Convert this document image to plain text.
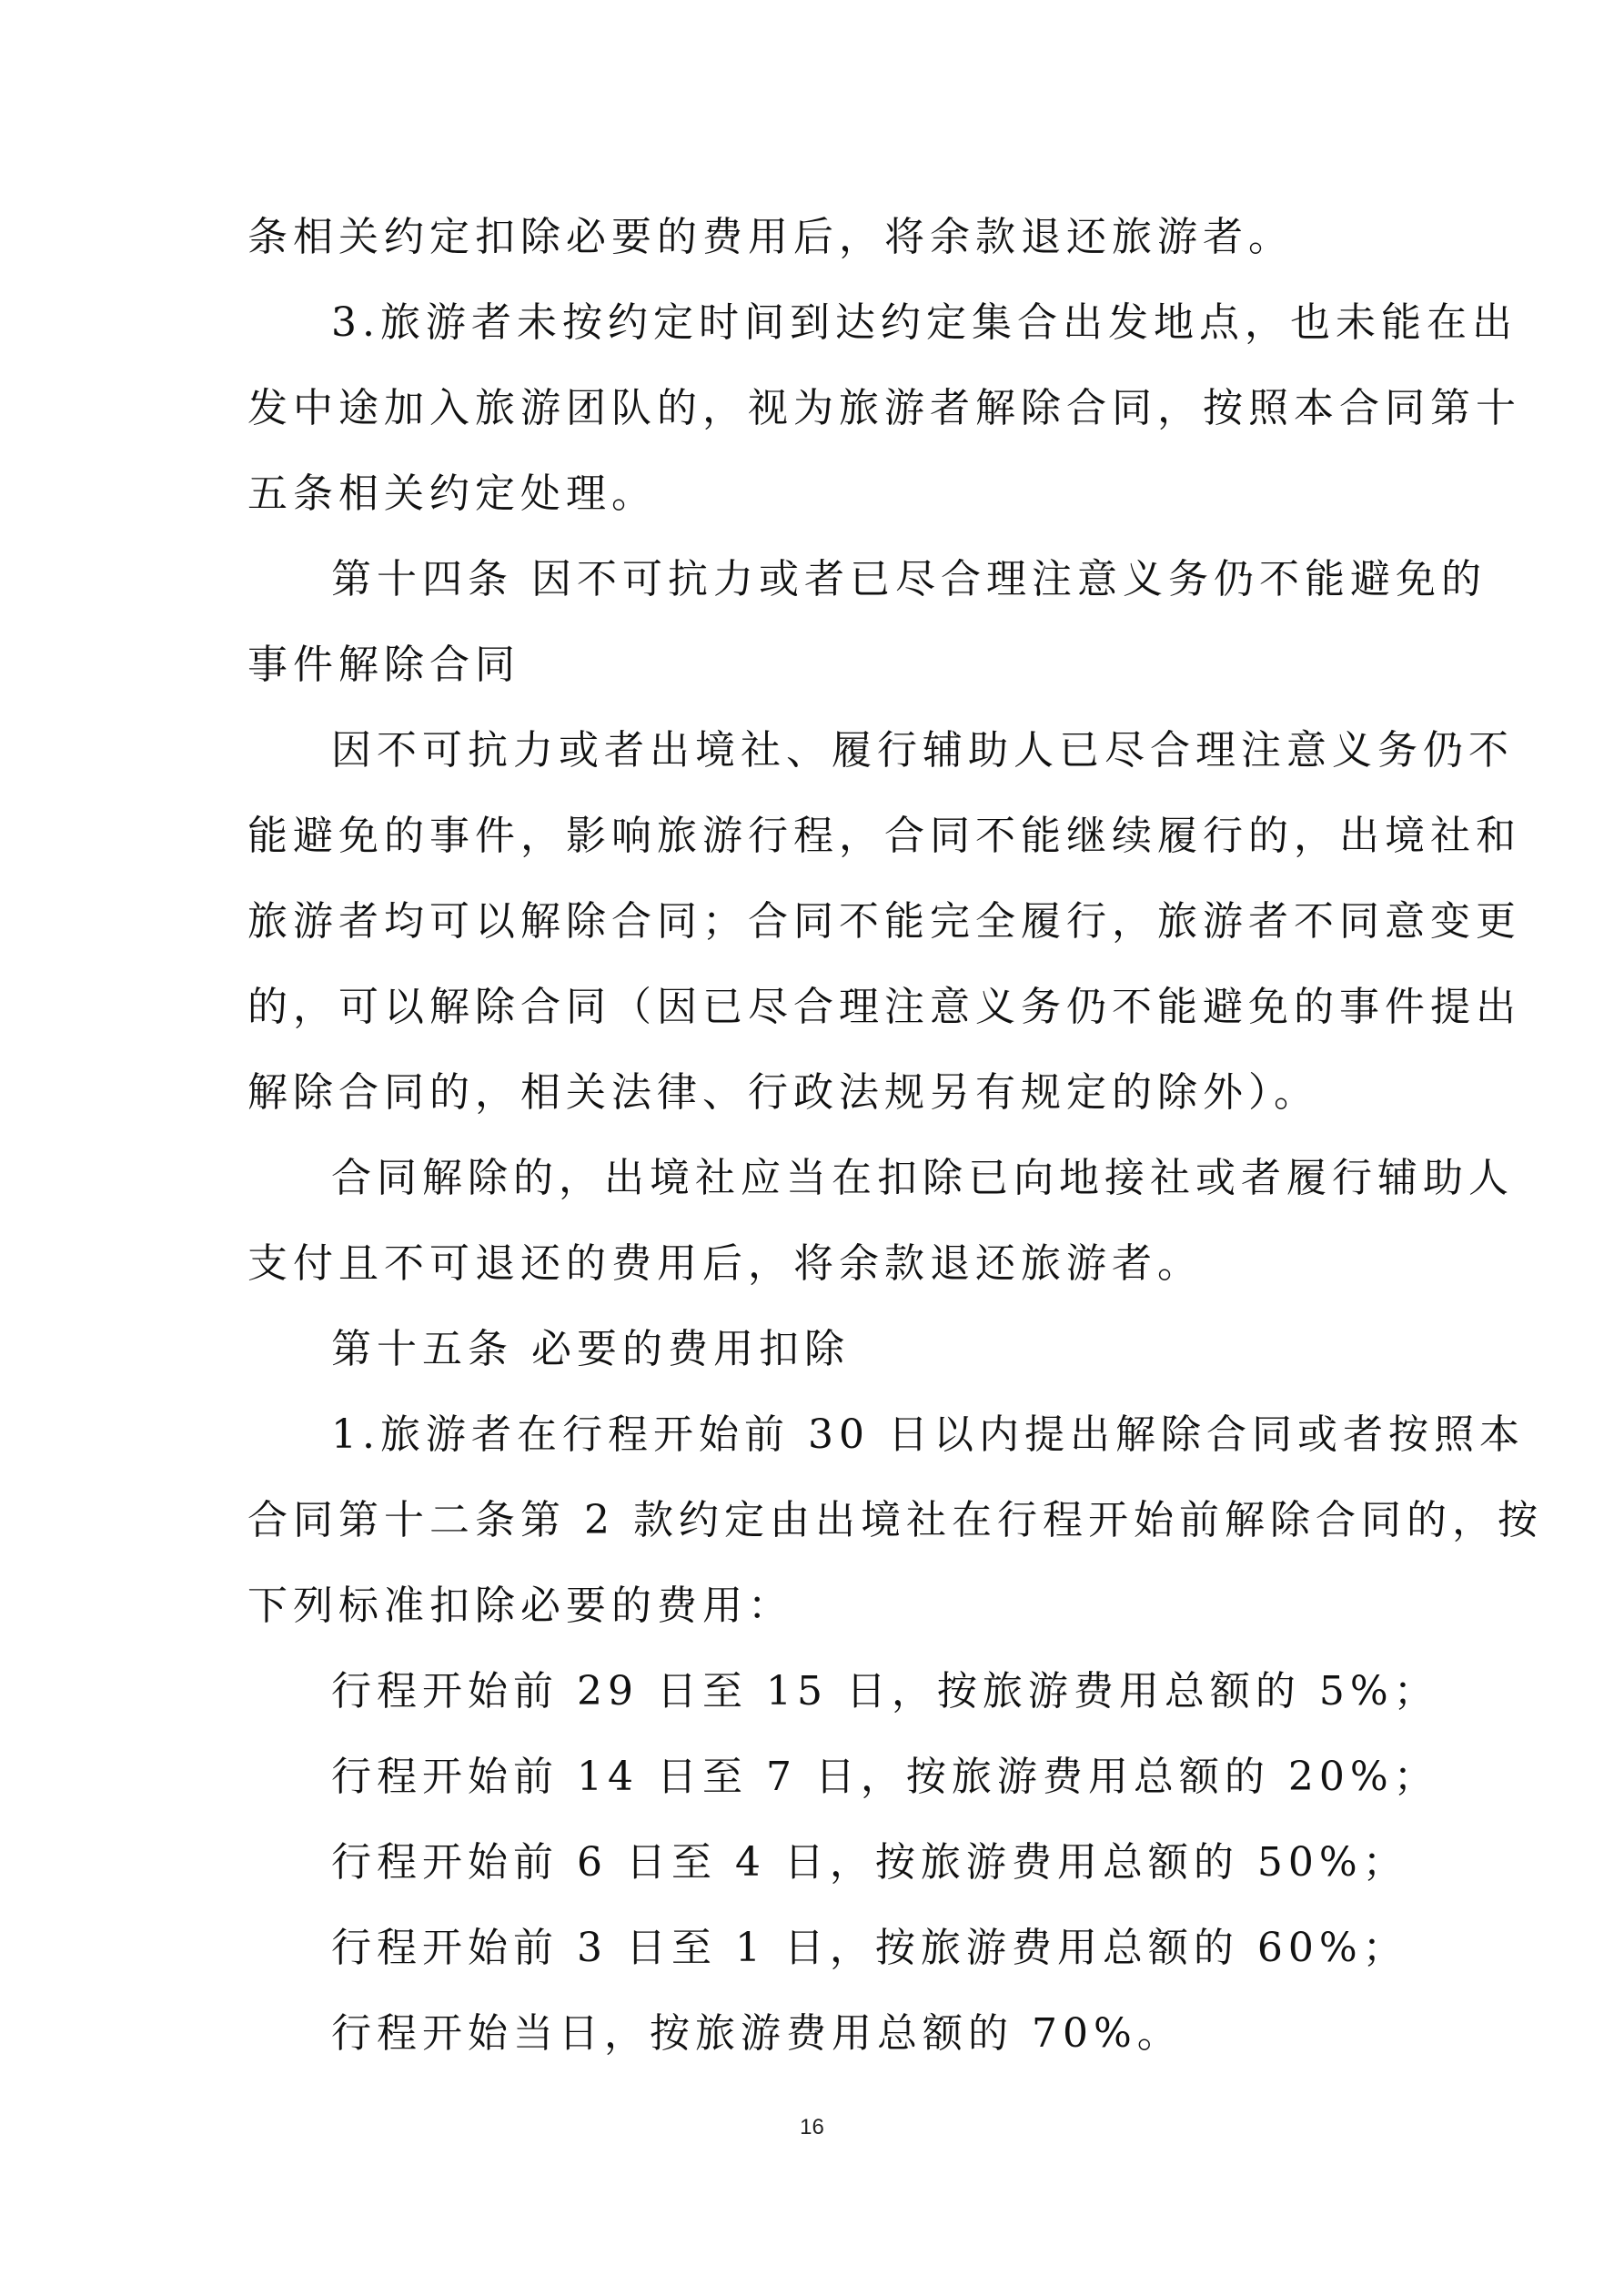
条相关约定扣除必要的费用后，将余款退还旅游者。
3.旅游者未按约定时间到达约定集合出发地点，也未能在出
发中途加入旅游团队的，视为旅游者解除合同，按照本合同第十
五条相关约定处理。
第十四条 因不可抗力或者已尽合理注意义务仍不能避免的
事件解除合同
因不可抗力或者出境社、履行辅助人已尽合理注意义务仍不
能避免的事件，影响旅游行程，合同不能继续履行的，出境社和
旅游者均可以解除合同；合同不能完全履行，旅游者不同意变更
的，可以解除合同（因已尽合理注意义务仍不能避免的事件提出
解除合同的，相关法律、行政法规另有规定的除外）。
合同解除的，出境社应当在扣除已向地接社或者履行辅助人
支付且不可退还的费用后，将余款退还旅游者。
第十五条 必要的费用扣除
1.旅游者在行程开始前 30 日以内提出解除合同或者按照本
合同第十二条第 2 款约定由出境社在行程开始前解除合同的，按
下列标准扣除必要的费用：
行程开始前 29 日至 15 日，按旅游费用总额的 5%；
行程开始前 14 日至 7 日，按旅游费用总额的 20%；
行程开始前 6 日至 4 日，按旅游费用总额的 50%；
行程开始前 3 日至 1 日，按旅游费用总额的 60%；
行程开始当日，按旅游费用总额的 70%。
16
